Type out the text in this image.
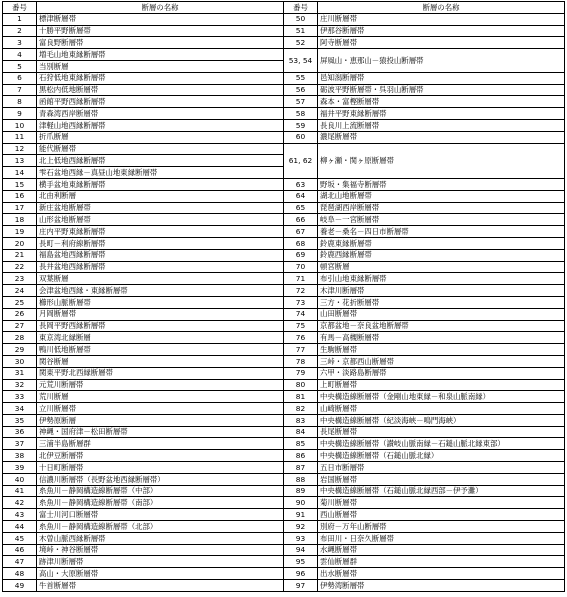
番号	断層の名称	番号	断層の名称
1	標津断層帯	50	庄川断層帯
2	十勝平野断層帯	51	伊那谷断層帯
3	富良野断層帯	52	阿寺断層帯
4	増毛山地東縁断層帯	53, 54	屏風山・恵那山－猿投山断層帯
5	当別断層		
6	石狩低地東縁断層帯	55	邑知潟断層帯
7	黒松内低地断層帯	56	砺波平野断層帯・呉羽山断層帯
8	函館平野西縁断層帯	57	森本・富樫断層帯
9	青森湾西岸断層帯	58	福井平野東縁断層帯
10	津軽山地西縁断層帯	59	長良川上流断層帯
11	折爪断層	60	濃尾断層帯
12	能代断層帯	61, 62	柳ヶ瀬・関ヶ原断層帯
13	北上低地西縁断層帯		
14	雫石盆地西縁－真昼山地東縁断層帯		
15	横手盆地東縁断層帯	63	野坂・集福寺断層帯
16	北由利断層	64	湖北山地断層帯
17	新庄盆地断層帯	65	琵琶湖西岸断層帯
18	山形盆地断層帯	66	岐阜－一宮断層帯
19	庄内平野東縁断層帯	67	養老－桑名－四日市断層帯
20	長町－利府線断層帯	68	鈴鹿東縁断層帯
21	福島盆地西縁断層帯	69	鈴鹿西縁断層帯
22	長井盆地西縁断層帯	70	頓宮断層
23	双葉断層	71	布引山地東縁断層帯
24	会津盆地西縁・東縁断層帯	72	木津川断層帯
25	櫛形山脈断層帯	73	三方・花折断層帯
26	月岡断層帯	74	山田断層帯
27	長岡平野西縁断層帯	75	京都盆地－奈良盆地断層帯
28	東京湾北縁断層	76	有馬－高槻断層帯
29	鴨川低地断層帯	77	生駒断層帯
30	関谷断層	78	三峠・京都西山断層帯
31	関東平野北西縁断層帯	79	六甲・淡路島断層帯
32	元荒川断層帯	80	上町断層帯
33	荒川断層	81	中央構造線断層帯（金剛山地東縁－和泉山脈南縁）
34	立川断層帯	82	山崎断層帯
35	伊勢原断層	83	中央構造線断層帯（紀淡海峡－鳴門海峡）
36	神縄・国府津－松田断層帯	84	長尾断層帯
37	三浦半島断層群	85	中央構造線断層帯（讃岐山脈南縁－石鎚山脈北縁東部）
38	北伊豆断層帯	86	中央構造線断層帯（石鎚山脈北縁）
39	十日町断層帯	87	五日市断層帯
40	信濃川断層帯（長野盆地西縁断層帯）	88	岩国断層帯
41	糸魚川－静岡構造線断層帯（中部）	89	中央構造線断層帯（石鎚山脈北縁西部－伊予灘）
42	糸魚川－静岡構造線断層帯（南部）	90	菊川断層帯
43	富士川河口断層帯	91	西山断層帯
44	糸魚川－静岡構造線断層帯（北部）	92	別府－万年山断層帯
45	木曽山脈西縁断層帯	93	布田川・日奈久断層帯
46	境峠・神谷断層帯	94	水縄断層帯
47	跡津川断層帯	95	雲仙断層群
48	高山・大原断層帯	96	出水断層帯
49	牛首断層帯	97	伊勢湾断層帯
